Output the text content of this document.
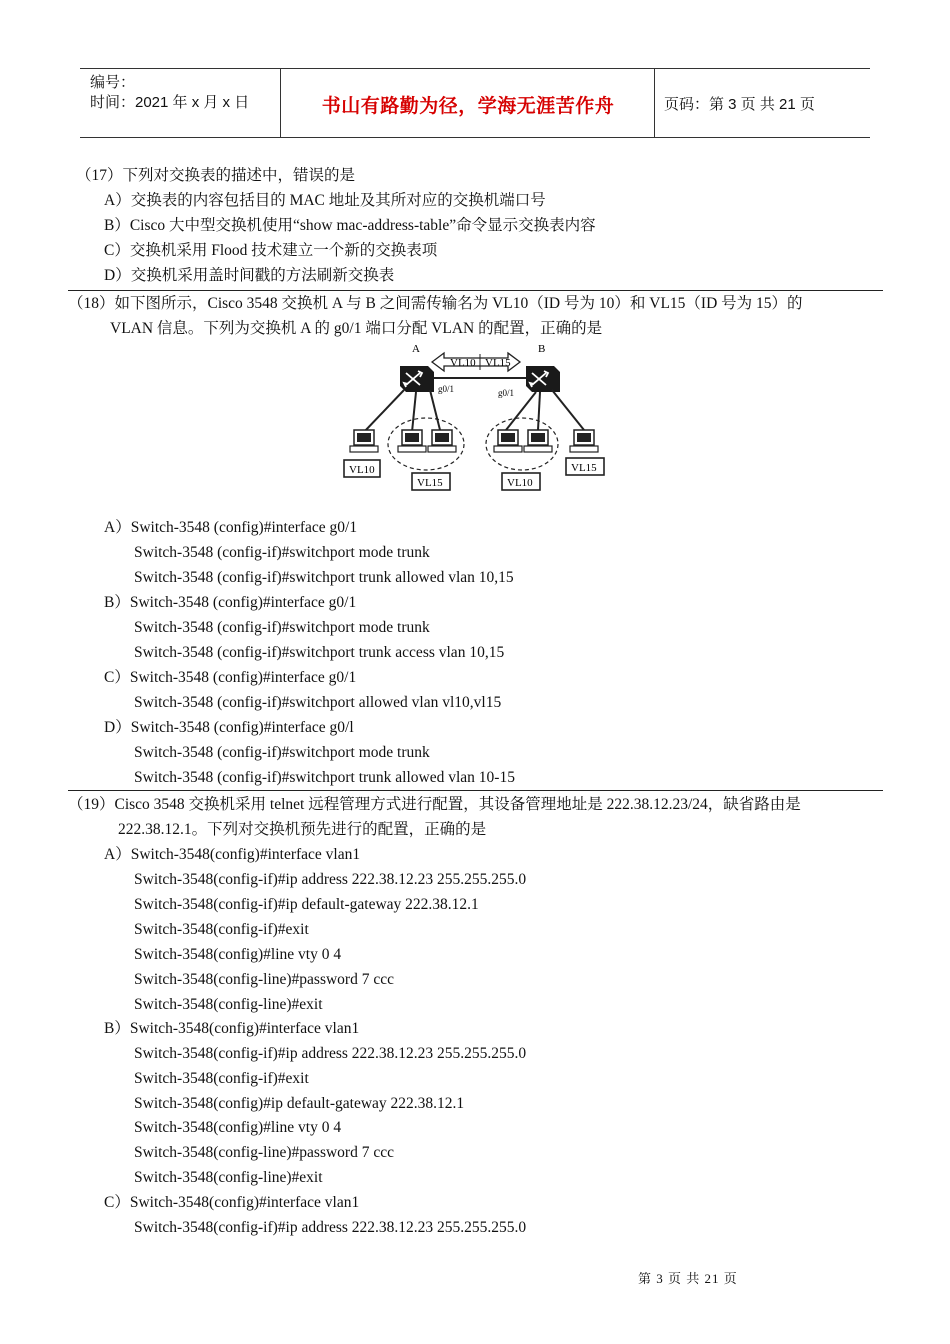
编号：
时间：2021 年 x 月 x 日	书山有路勤为径，学海无涯苦作舟	页码：第 3 页 共 21 页
（17）下列对交换表的描述中，错误的是
A）交换表的内容包括目的 MAC 地址及其所对应的交换机端口号
B）Cisco 大中型交换机使用“show mac-address-table”命令显示交换表内容
C）交换机采用 Flood 技术建立一个新的交换表项
D）交换机采用盖时间戳的方法刷新交换表
（18）如下图所示，Cisco 3548 交换机 A 与 B 之间需传输名为 VL10（ID 号为 10）和 VL15（ID 号为 15）的
VLAN 信息。下列为交换机 A 的 g0/1 端口分配 VLAN 的配置，正确的是
A	B
VL10 VL15
g0/1	g0/1
VL10
VL15	VL10
VL15
A）Switch-3548 (config)#interface g0/1
Switch-3548 (config-if)#switchport mode trunk
Switch-3548 (config-if)#switchport trunk allowed vlan 10,15
B）Switch-3548 (config)#interface g0/1
Switch-3548 (config-if)#switchport mode trunk
Switch-3548 (config-if)#switchport trunk access vlan 10,15
C）Switch-3548 (config)#interface g0/1
Switch-3548 (config-if)#switchport allowed vlan vl10,vl15
D）Switch-3548 (config)#interface g0/l
Switch-3548 (config-if)#switchport mode trunk
Switch-3548 (config-if)#switchport trunk allowed vlan 10-15
（19）Cisco 3548 交换机采用 telnet 远程管理方式进行配置，其设备管理地址是 222.38.12.23/24，缺省路由是
222.38.12.1。下列对交换机预先进行的配置，正确的是
A）Switch-3548(config)#interface vlan1
Switch-3548(config-if)#ip address 222.38.12.23 255.255.255.0
Switch-3548(config-if)#ip default-gateway 222.38.12.1
Switch-3548(config-if)#exit
Switch-3548(config)#line vty 0 4
Switch-3548(config-line)#password 7 ccc
Switch-3548(config-line)#exit
B）Switch-3548(config)#interface vlan1
Switch-3548(config-if)#ip address 222.38.12.23 255.255.255.0
Switch-3548(config-if)#exit
Switch-3548(config)#ip default-gateway 222.38.12.1
Switch-3548(config)#line vty 0 4
Switch-3548(config-line)#password 7 ccc
Switch-3548(config-line)#exit
C）Switch-3548(config)#interface vlan1
Switch-3548(config-if)#ip address 222.38.12.23 255.255.255.0
第 3 页 共 21 页
